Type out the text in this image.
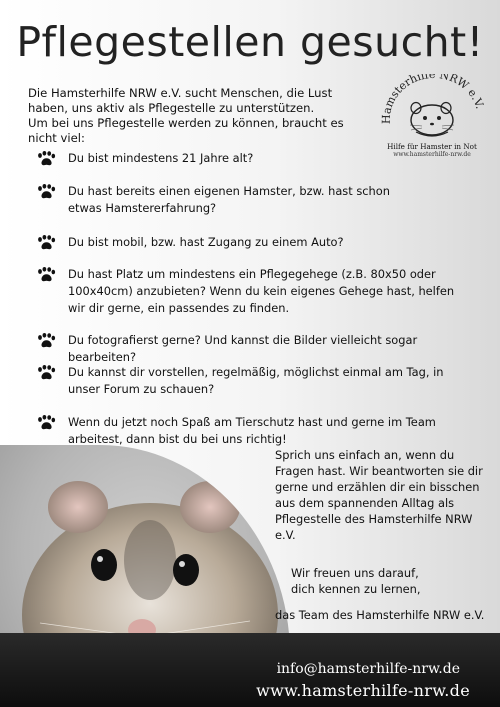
Pflegestellen gesucht!
Die Hamsterhilfe NRW e.V. sucht Menschen, die Lust
haben, uns aktiv als Pflegestelle zu unterstützen.
Um bei uns Pflegestelle werden zu können, braucht es nicht viel:
Hamsterhilfe NRW e.V
Hilfe für Hamster in Not
www.hamsterhilfe-nrw.de
Du bist mindestens 21 Jahre alt?
Du hast bereits einen eigenen Hamster, bzw. hast schon etwas Hamstererfahrung?
Du bist mobil, bzw. hast Zugang zu einem Auto?
Du hast Platz um mindestens ein Pflegegehege (z.B. 80x50 oder 100x40cm) anzubieten? Wenn du kein eigenes Gehege hast, helfen wir dir gerne, ein passendes zu finden.
Du fotografierst gerne? Und kannst die Bilder vielleicht sogar bearbeiten?
Du kannst dir vorstellen, regelmäßig, möglichst einmal am Tag, in unser Forum zu schauen?
Wenn du jetzt noch Spaß am Tierschutz hast und gerne im Team arbeitest, dann bist du bei uns richtig!
Sprich uns einfach an, wenn du Fragen hast. Wir beantworten sie dir gerne und erzählen dir ein bisschen aus dem spannenden Alltag als Pflegestelle des Hamsterhilfe NRW e.V.
Wir freuen uns darauf,
dich kennen zu lernen,
das Team des Hamsterhilfe NRW e.V.
info@hamsterhilfe-nrw.de
www.hamsterhilfe-nrw.de
